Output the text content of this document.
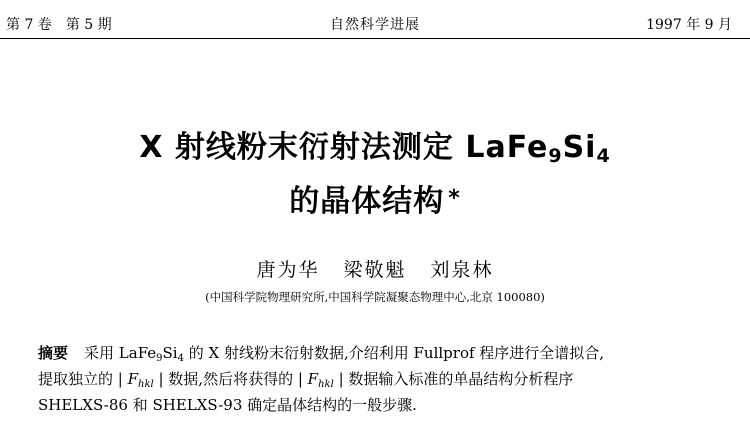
第 7 卷 第 5 期	自然科学进展	1997 年 9 月
X 射线粉末衍射法测定 $LaFe_9Si_4$
的晶体结构 *
唐为华 梁敬魁 刘泉林
(中国科学院物理研究所,中国科学院凝聚态物理中心,北京 100080)
摘要 采用 $LaFe_9Si_4$ 的 X 射线粉末衍射数据,介绍利用 Fullprof 程序进行全谱拟合,
提取独立的 | $F_{hkl}$ | 数据,然后将获得的 | $F_{hkl}$ | 数据输入标准的单晶结构分析程序
SHELXS-86 和 SHELXS-93 确定晶体结构的一般步骤.
